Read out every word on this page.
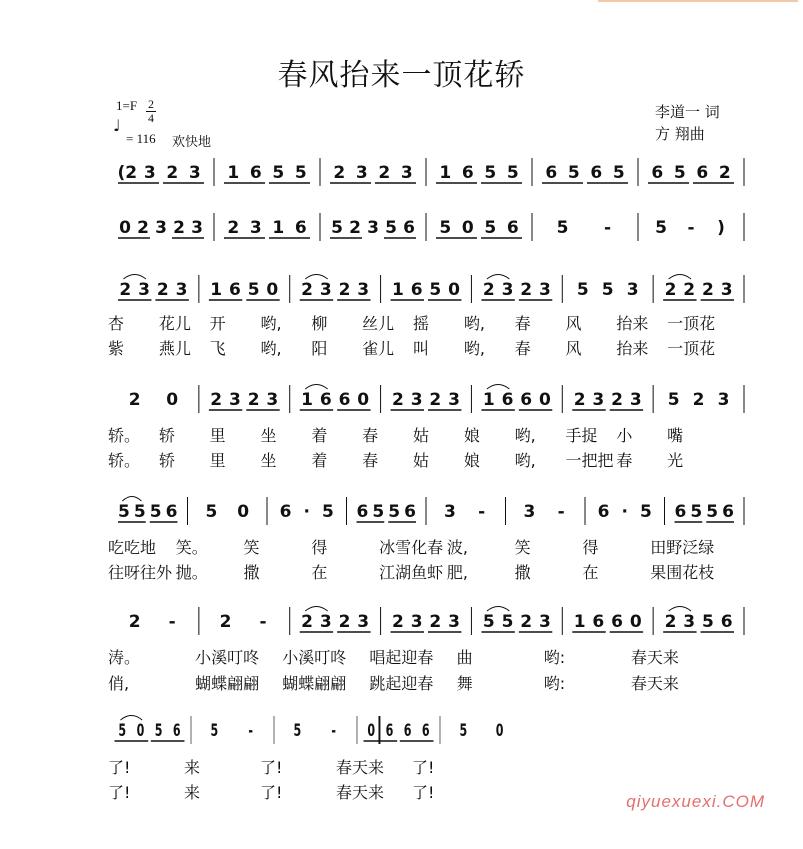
春风抬来一顶花轿
1=F 2
4
♩
= 116 欢快地
李道一 词
方 翔曲
(2 3 2 3 1 6 5 5 2 3 2 3 1 6 5 5 6 5 6 5 6 5 6 2
0 2 3 2 3 2 3 1 6 5 2 3 5 6 5 0 5 6 5 -	5 - )
2 3 2 3 1 6 5 0 2 3 2 3 1 6 5 0 2 3 2 3 5 5 3 2 2 2 3
2 0 2 3 2 3 1 6 6 0 2 3 2 3 1 6 6 0 2 3 2 3 5 2 3
5 5 5 6 5 0 6 · 5 6 5 5 6 3 - 3 - 6 · 5 6 5 5 6
2 -	2 - 2 3 2 3 2 3 2 3 5 5 2 3 1 6 6 0 2 3 5 6
5 0 5 6 5 - 5 - 0 6 6 6 5 0
杏 花儿 开 哟, 柳 丝儿 摇 哟, 春 风 抬来 一顶花
紫 燕儿 飞 哟, 阳 雀儿 叫 哟, 春 风 抬来 一顶花
轿。 轿 里 坐 着 春 姑 娘 哟, 手捉 小 嘴
轿。 轿 里 坐 着 春 姑 娘 哟, 一把把 春 光
吃吃地 笑。 笑	得	冰雪化春 波,	笑	得	田野泛绿
往呀往外 抛。 撒	在	江湖鱼虾 肥,	撒	在	果围花枝
涛。	小溪叮咚 小溪叮咚 唱起迎春 曲	哟:	春天来
俏,	蝴蝶翩翩 蝴蝶翩翩 跳起迎春 舞	哟:	春天来
了!	来	了!	春天来 了!
了!	来	了!	春天来 了!	qiyuexuexi.COM
